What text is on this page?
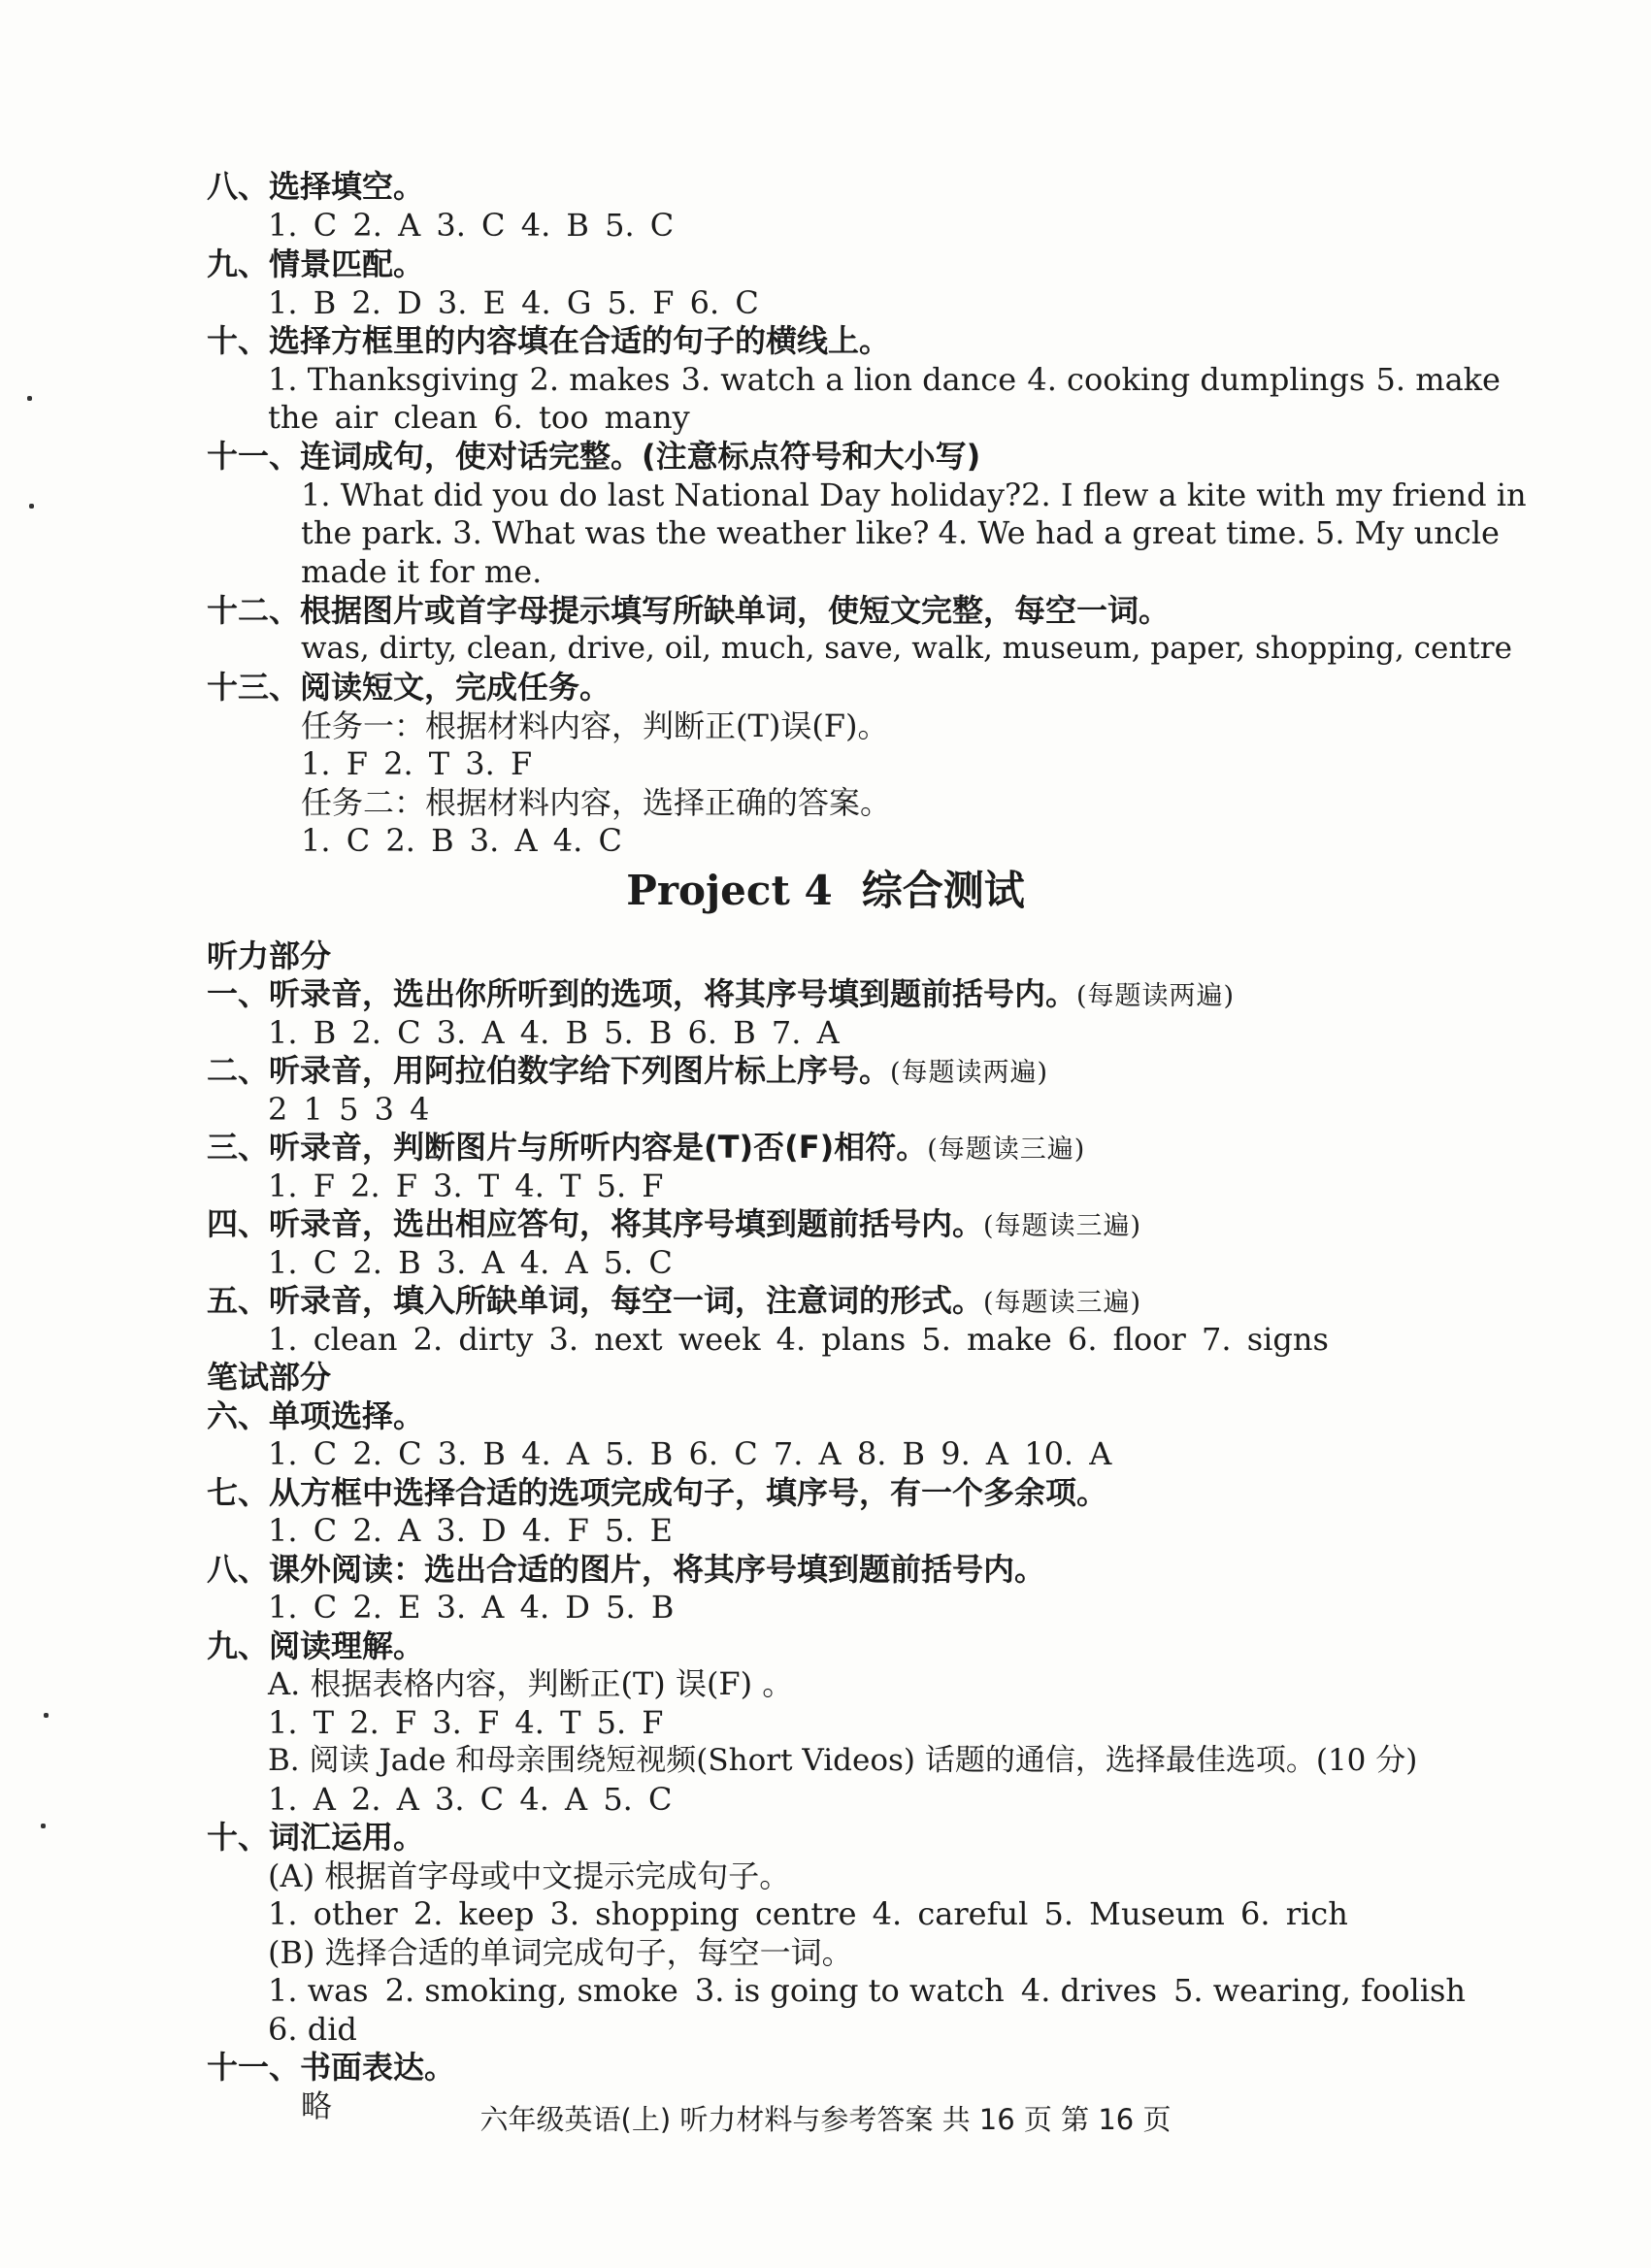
八、选择填空。
1. C 2. A 3. C 4. B 5. C
九、情景匹配。
1. B 2. D 3. E 4. G 5. F 6. C
十、选择方框里的内容填在合适的句子的横线上。
1. Thanksgiving 2. makes 3. watch a lion dance 4. cooking dumplings 5. make
the air clean 6. too many
十一、连词成句，使对话完整。(注意标点符号和大小写)
1. What did you do last National Day holiday? 2. I flew a kite with my friend in
the park. 3. What was the weather like? 4. We had a great time. 5. My uncle
made it for me.
十二、根据图片或首字母提示填写所缺单词，使短文完整，每空一词。
was, dirty, clean, drive, oil, much, save, walk, museum, paper, shopping, centre
十三、阅读短文，完成任务。
任务一：根据材料内容，判断正(T)误(F)。
1. F 2. T 3. F
任务二：根据材料内容，选择正确的答案。
1. C 2. B 3. A 4. C
Project 4 综合测试
听力部分
一、听录音，选出你所听到的选项，将其序号填到题前括号内。(每题读两遍)
1. B 2. C 3. A 4. B 5. B 6. B 7. A
二、听录音，用阿拉伯数字给下列图片标上序号。(每题读两遍)
2 1 5 3 4
三、听录音，判断图片与所听内容是(T)否(F)相符。(每题读三遍)
1. F 2. F 3. T 4. T 5. F
四、听录音，选出相应答句，将其序号填到题前括号内。(每题读三遍)
1. C 2. B 3. A 4. A 5. C
五、听录音，填入所缺单词，每空一词，注意词的形式。(每题读三遍)
1. clean 2. dirty 3. next week 4. plans 5. make 6. floor 7. signs
笔试部分
六、单项选择。
1. C 2. C 3. B 4. A 5. B 6. C 7. A 8. B 9. A 10. A
七、从方框中选择合适的选项完成句子，填序号，有一个多余项。
1. C 2. A 3. D 4. F 5. E
八、课外阅读：选出合适的图片，将其序号填到题前括号内。
1. C 2. E 3. A 4. D 5. B
九、阅读理解。
A. 根据表格内容，判断正(T) 误(F) 。
1. T 2. F 3. F 4. T 5. F
B. 阅读 Jade 和母亲围绕短视频(Short Videos) 话题的通信，选择最佳选项。(10 分)
1. A 2. A 3. C 4. A 5. C
十、词汇运用。
(A) 根据首字母或中文提示完成句子。
1. other 2. keep 3. shopping centre 4. careful 5. Museum 6. rich
(B) 选择合适的单词完成句子，每空一词。
1. was 2. smoking, smoke 3. is going to watch 4. drives 5. wearing, foolish
6. did
十一、书面表达。
略	六年级英语(上) 听力材料与参考答案 共 16 页 第 16 页
